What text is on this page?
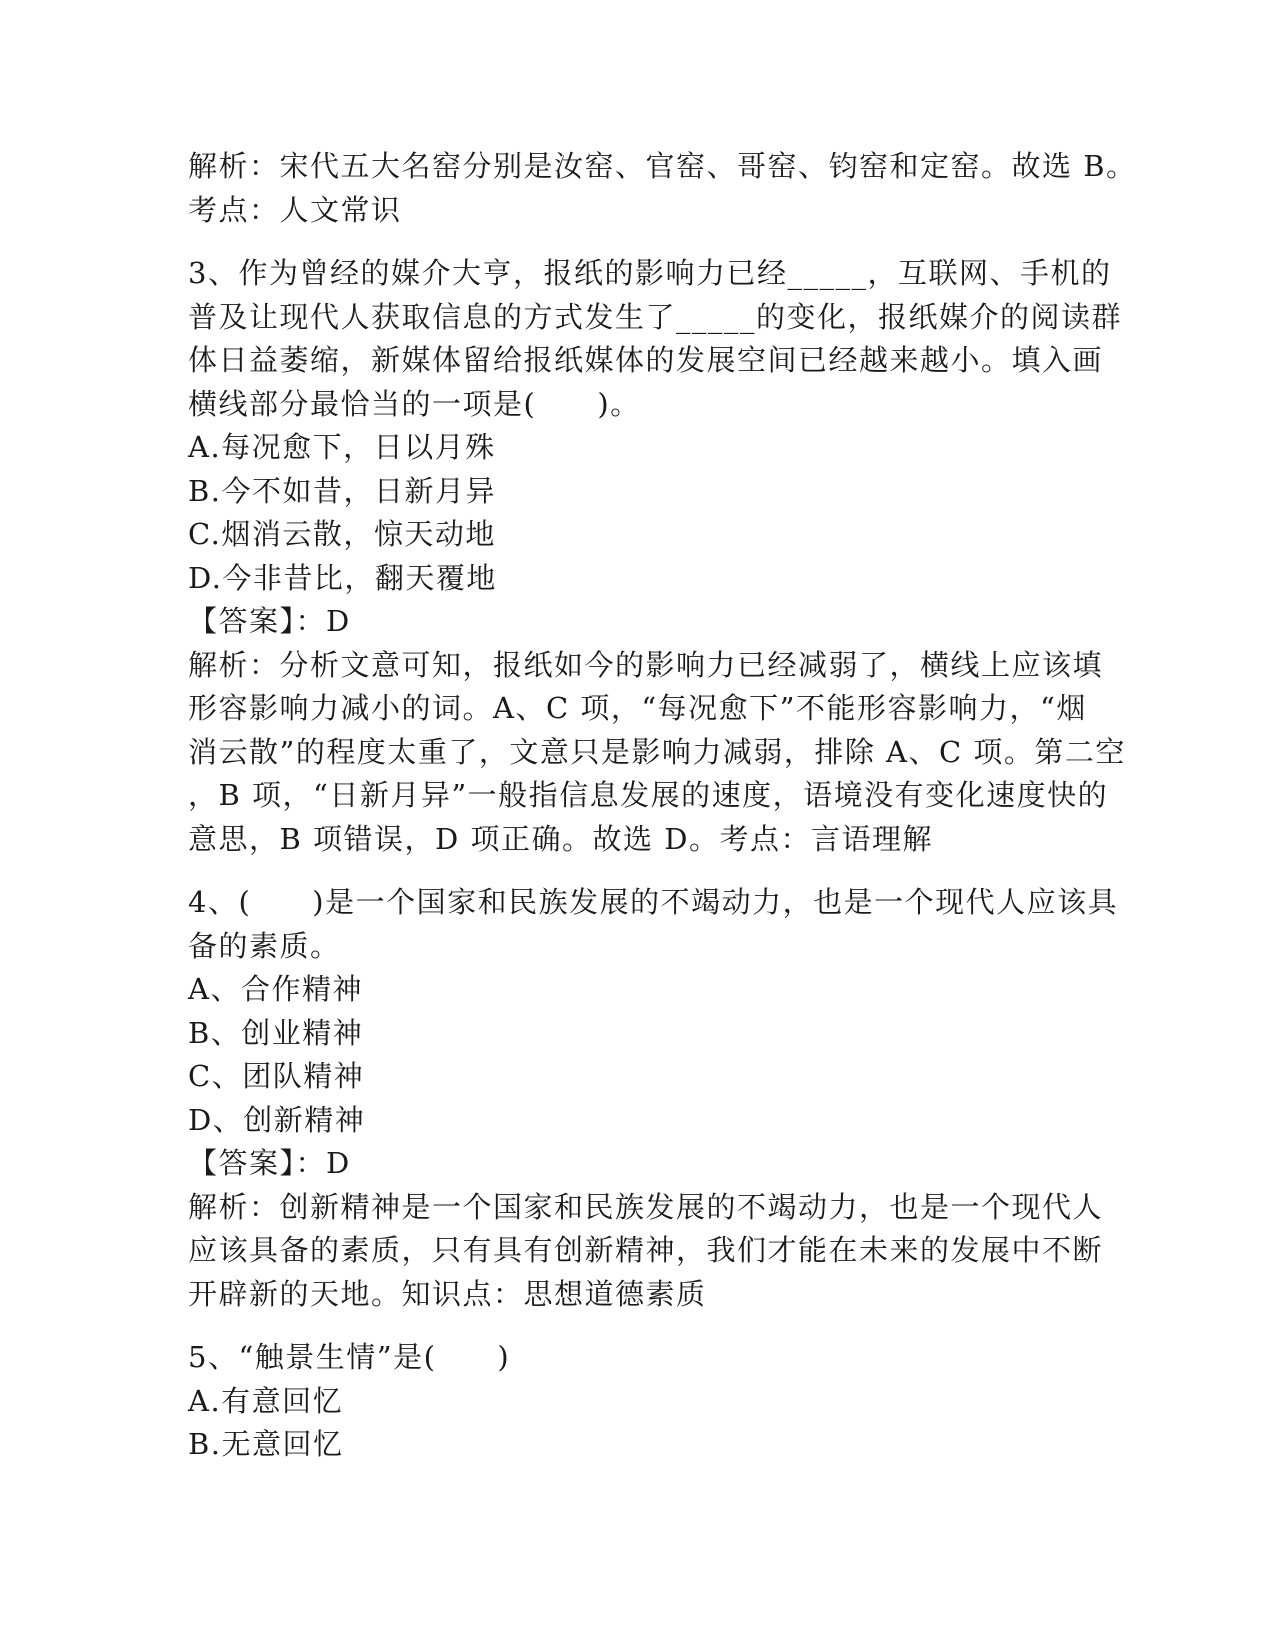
解析：宋代五大名窑分别是汝窑、官窑、哥窑、钧窑和定窑。故选 B。

考点：人文常识

3、作为曾经的媒介大亨，报纸的影响力已经_____，互联网、手机的

普及让现代人获取信息的方式发生了_____的变化，报纸媒介的阅读群

体日益萎缩，新媒体留给报纸媒体的发展空间已经越来越小。填入画

横线部分最恰当的一项是(　　)。

A.每况愈下，日以月殊

B.今不如昔，日新月异

C.烟消云散，惊天动地

D.今非昔比，翻天覆地

【答案】：D

解析：分析文意可知，报纸如今的影响力已经减弱了，横线上应该填

形容影响力减小的词。A、C 项，“每况愈下”不能形容影响力，“烟

消云散”的程度太重了，文意只是影响力减弱，排除 A、C 项。第二空

，B 项，“日新月异”一般指信息发展的速度，语境没有变化速度快的

意思，B 项错误，D 项正确。故选 D。考点：言语理解

4、(　　)是一个国家和民族发展的不竭动力，也是一个现代人应该具

备的素质。

A、合作精神

B、创业精神

C、团队精神

D、创新精神

【答案】：D

解析：创新精神是一个国家和民族发展的不竭动力，也是一个现代人

应该具备的素质，只有具有创新精神，我们才能在未来的发展中不断

开辟新的天地。知识点：思想道德素质

5、“触景生情”是(　　)

A.有意回忆

B.无意回忆
